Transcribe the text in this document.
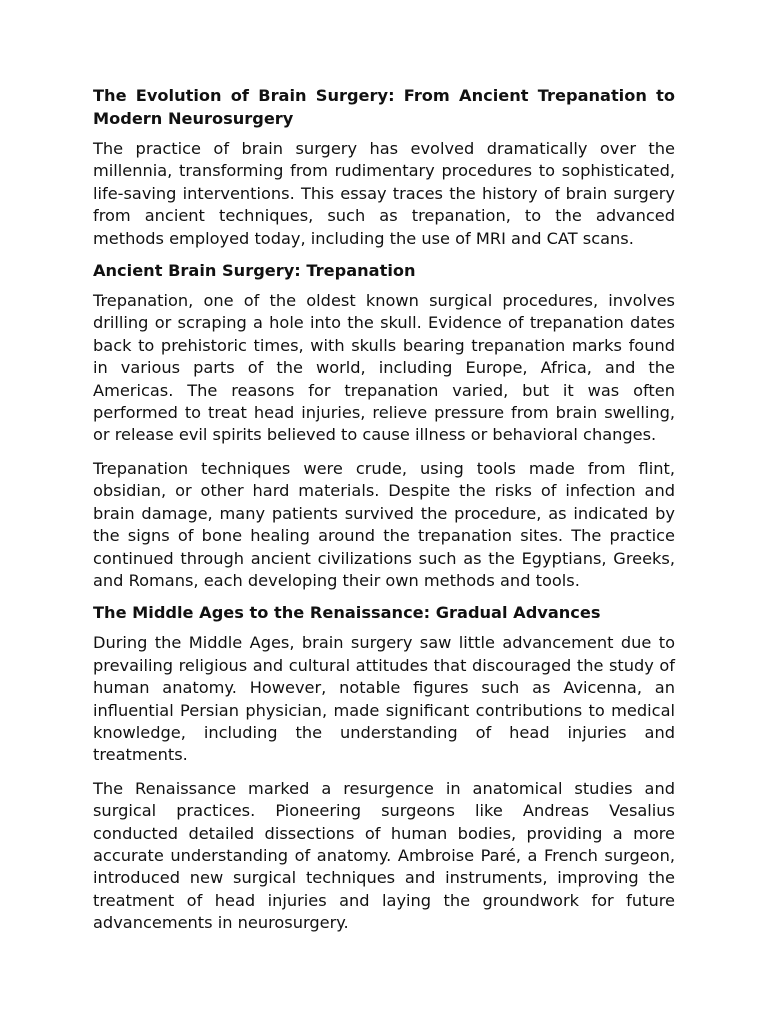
The Evolution of Brain Surgery: From Ancient Trepanation to Modern Neurosurgery

The practice of brain surgery has evolved dramatically over the millennia, transforming from rudimentary procedures to sophisticated, life-saving interventions. This essay traces the history of brain surgery from ancient techniques, such as trepanation, to the advanced methods employed today, including the use of MRI and CAT scans.

Ancient Brain Surgery: Trepanation

Trepanation, one of the oldest known surgical procedures, involves drilling or scraping a hole into the skull. Evidence of trepanation dates back to prehistoric times, with skulls bearing trepanation marks found in various parts of the world, including Europe, Africa, and the Americas. The reasons for trepanation varied, but it was often performed to treat head injuries, relieve pressure from brain swelling, or release evil spirits believed to cause illness or behavioral changes.

Trepanation techniques were crude, using tools made from flint, obsidian, or other hard materials. Despite the risks of infection and brain damage, many patients survived the procedure, as indicated by the signs of bone healing around the trepanation sites. The practice continued through ancient civilizations such as the Egyptians, Greeks, and Romans, each developing their own methods and tools.

The Middle Ages to the Renaissance: Gradual Advances

During the Middle Ages, brain surgery saw little advancement due to prevailing religious and cultural attitudes that discouraged the study of human anatomy. However, notable figures such as Avicenna, an influential Persian physician, made significant contributions to medical knowledge, including the understanding of head injuries and treatments.

The Renaissance marked a resurgence in anatomical studies and surgical practices. Pioneering surgeons like Andreas Vesalius conducted detailed dissections of human bodies, providing a more accurate understanding of anatomy. Ambroise Paré, a French surgeon, introduced new surgical techniques and instruments, improving the treatment of head injuries and laying the groundwork for future advancements in neurosurgery.
